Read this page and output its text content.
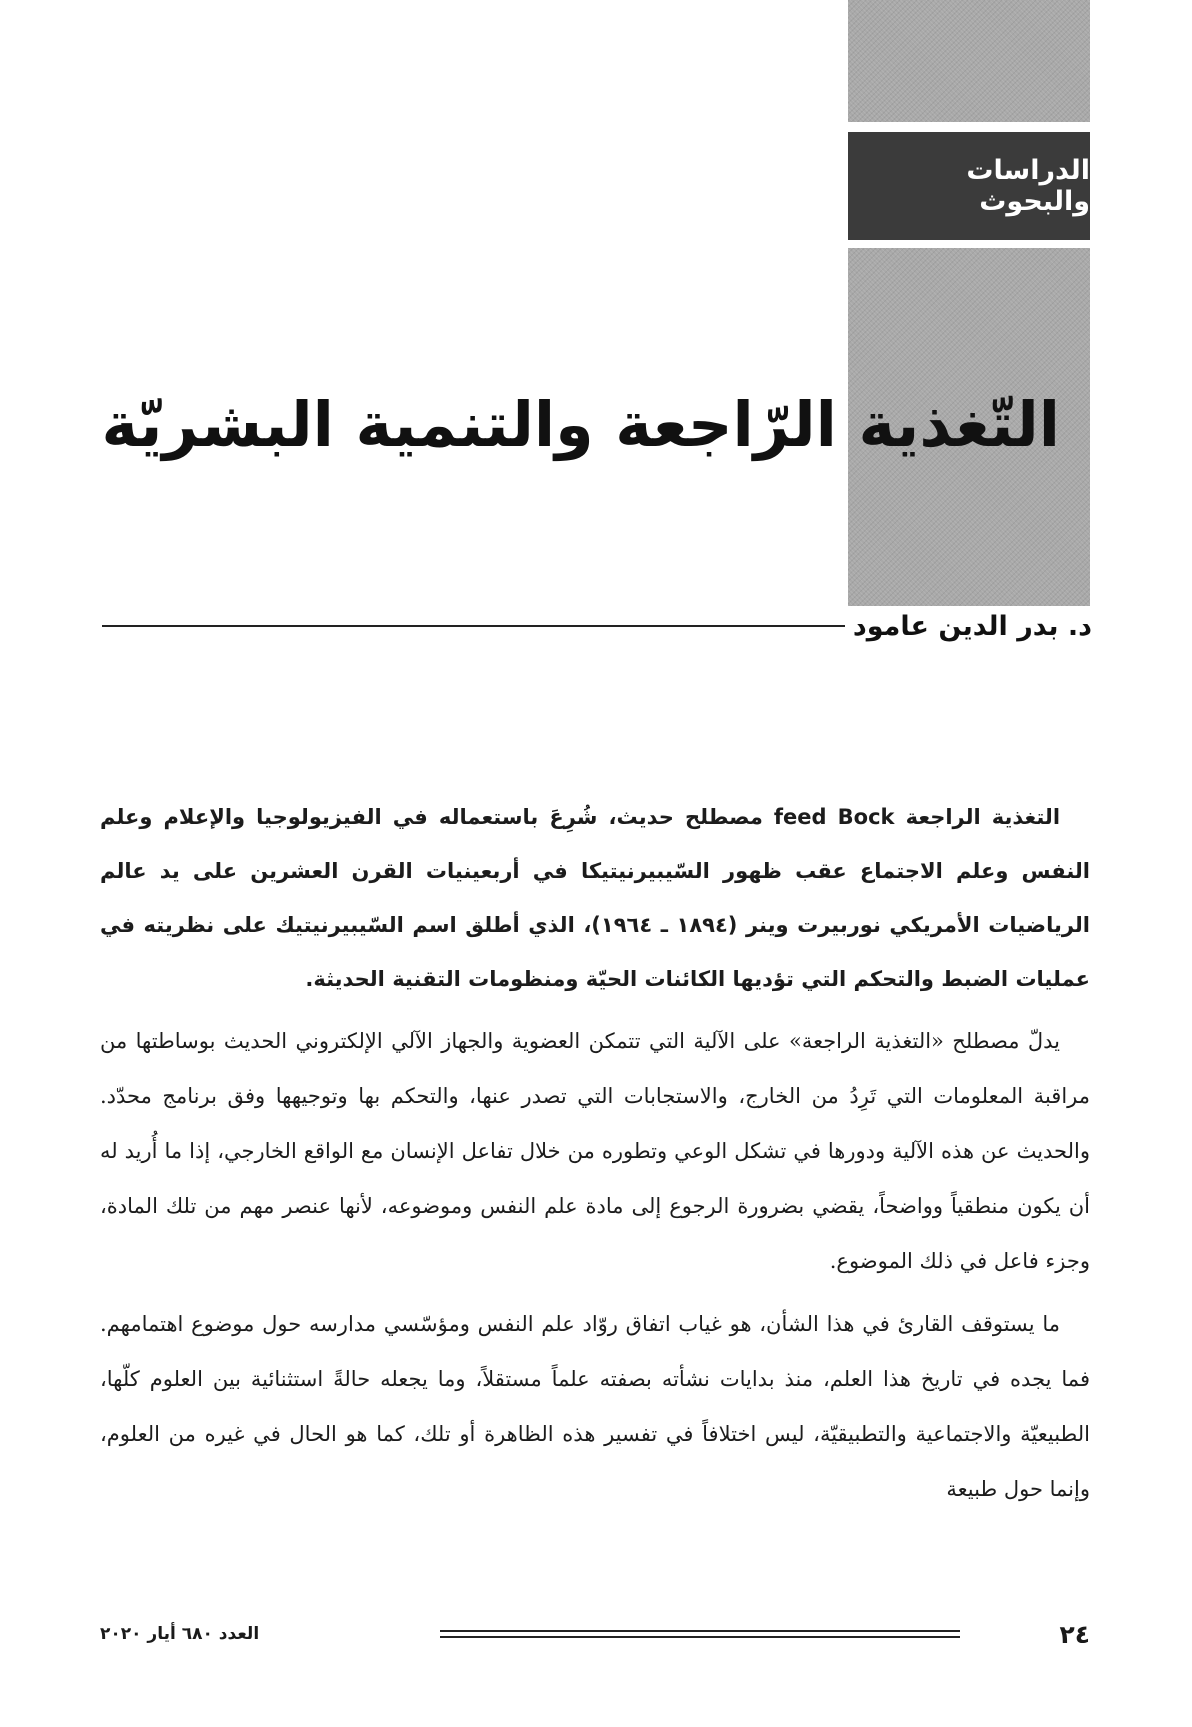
الدراسات والبحوث
التّغذية الرّاجعة والتنمية البشريّة
د. بدر الدين عامود

التغذية الراجعة feed Bock مصطلح حديث، شُرِعَ باستعماله في الفيزيولوجيا والإعلام وعلم النفس وعلم الاجتماع عقب ظهور السّيبيرنيتيكا في أربعينيات القرن العشرين على يد عالم الرياضيات الأمريكي نوربيرت وينر (١٨٩٤ ـ ١٩٦٤)، الذي أطلق اسم السّيبيرنيتيك على نظريته في عمليات الضبط والتحكم التي تؤديها الكائنات الحيّة ومنظومات التقنية الحديثة.

يدلّ مصطلح «التغذية الراجعة» على الآلية التي تتمكن العضوية والجهاز الآلي الإلكتروني الحديث بوساطتها من مراقبة المعلومات التي تَرِدُ من الخارج، والاستجابات التي تصدر عنها، والتحكم بها وتوجيهها وفق برنامج محدّد. والحديث عن هذه الآلية ودورها في تشكل الوعي وتطوره من خلال تفاعل الإنسان مع الواقع الخارجي، إذا ما أُريد له أن يكون منطقياً وواضحاً، يقضي بضرورة الرجوع إلى مادة علم النفس وموضوعه، لأنها عنصر مهم من تلك المادة، وجزء فاعل في ذلك الموضوع.

ما يستوقف القارئ في هذا الشأن، هو غياب اتفاق روّاد علم النفس ومؤسّسي مدارسه حول موضوع اهتمامهم. فما يجده في تاريخ هذا العلم، منذ بدايات نشأته بصفته علماً مستقلاً، وما يجعله حالةً استثنائية بين العلوم كلّها، الطبيعيّة والاجتماعية والتطبيقيّة، ليس اختلافاً في تفسير هذه الظاهرة أو تلك، كما هو الحال في غيره من العلوم، وإنما حول طبيعة

العدد ٦٨٠ أيار ٢٠٢٠	٢٤
